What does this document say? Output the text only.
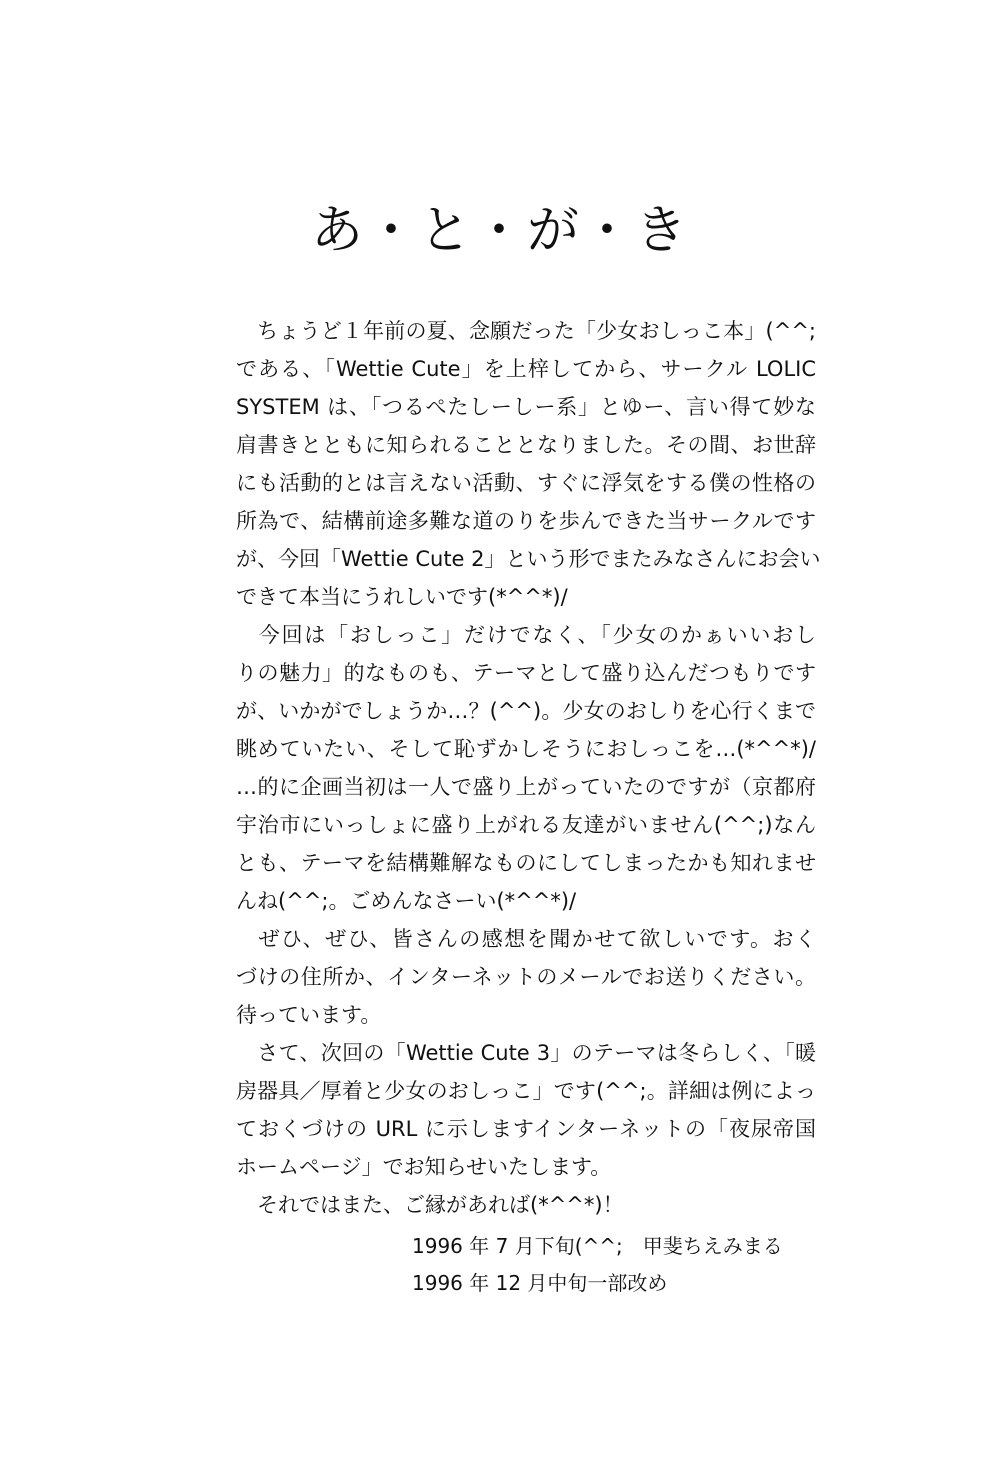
あ・と・が・き
　ちょうど１年前の夏、念願だった「少女おしっこ本」(^^;
である、「Wettie Cute」を上梓してから、サークル LOLIC
SYSTEM は、「つるぺたしーしー系」とゆー、言い得て妙な
肩書きとともに知られることとなりました。その間、お世辞
にも活動的とは言えない活動、すぐに浮気をする僕の性格の
所為で、結構前途多難な道のりを歩んできた当サークルです
が、今回「Wettie Cute 2」という形でまたみなさんにお会い
できて本当にうれしいです(*^^*)/
　今回は「おしっこ」だけでなく、「少女のかぁいいおし
りの魅力」的なものも、テーマとして盛り込んだつもりです
が、いかがでしょうか…？(^^)。少女のおしりを心行くまで
眺めていたい、そして恥ずかしそうにおしっこを…(*^^*)/
…的に企画当初は一人で盛り上がっていたのですが（京都府
宇治市にいっしょに盛り上がれる友達がいません(^^;)なん
とも、テーマを結構難解なものにしてしまったかも知れませ
んね(^^;。ごめんなさーい(*^^*)/
　ぜひ、ぜひ、皆さんの感想を聞かせて欲しいです。おく
づけの住所か、インターネットのメールでお送りください。
待っています。
　さて、次回の「Wettie Cute 3」のテーマは冬らしく、「暖
房器具／厚着と少女のおしっこ」です(^^;。詳細は例によっ
ておくづけの URL に示しますインターネットの「夜尿帝国
ホームページ」でお知らせいたします。
　それではまた、ご縁があれば(*^^*)！
1996 年 7 月下旬(^^;　甲斐ちえみまる
1996 年 12 月中旬一部改め
